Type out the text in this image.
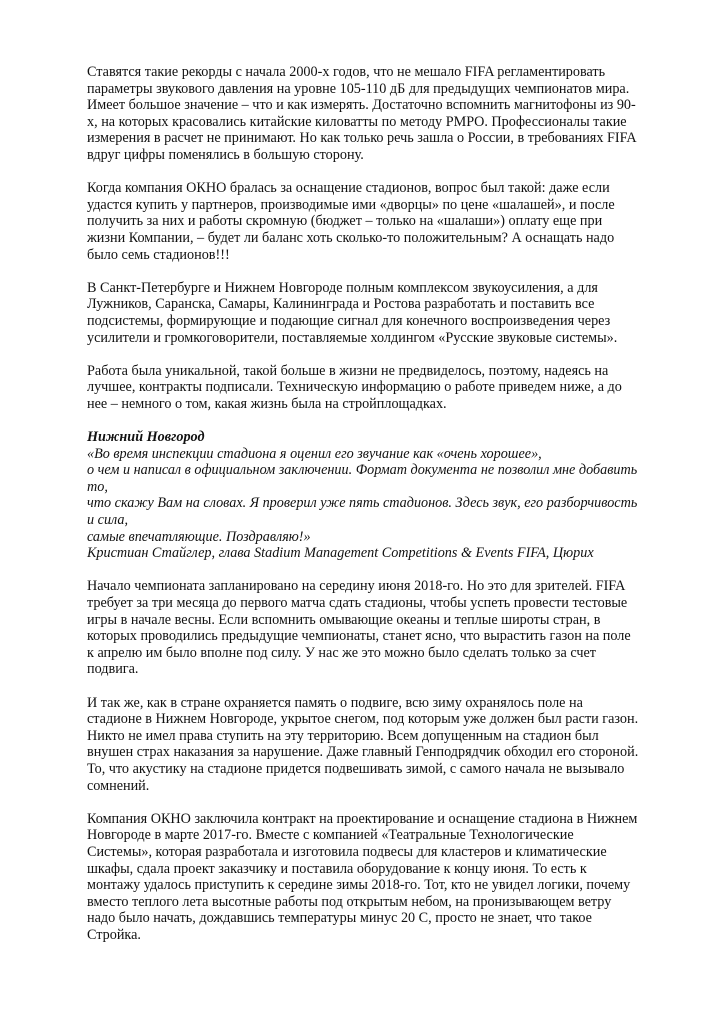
Ставятся такие рекорды с начала 2000-х годов, что не мешало FIFA регламентировать параметры звукового давления на уровне 105-110 дБ для предыдущих чемпионатов мира. Имеет большое значение – что и как измерять. Достаточно вспомнить магнитофоны из 90-х, на которых красовались китайские киловатты по методу PMPO. Профессионалы такие измерения в расчет не принимают. Но как только речь зашла о России, в требованиях FIFA вдруг цифры поменялись в большую сторону.

Когда компания ОКНО бралась за оснащение стадионов, вопрос был такой: даже если удастся купить у партнеров, производимые ими «дворцы» по цене «шалашей», и после получить за них и работы скромную (бюджет – только на «шалаши») оплату еще при жизни Компании, – будет ли баланс хоть сколько-то положительным? А оснащать надо было семь стадионов!!!

В Санкт-Петербурге и Нижнем Новгороде полным комплексом звукоусиления, а для Лужников, Саранска, Самары, Калининграда и Ростова разработать и поставить все подсистемы, формирующие и подающие сигнал для конечного воспроизведения через усилители и громкоговорители, поставляемые холдингом «Русские звуковые системы».

Работа была уникальной, такой больше в жизни не предвиделось, поэтому, надеясь на лучшее, контракты подписали. Техническую информацию о работе приведем ниже, а до нее – немного о том, какая жизнь была на стройплощадках.

Нижний Новгород

«Во время инспекции стадиона я оценил его звучание как «очень хорошее»,

о чем и написал в официальном заключении. Формат документа не позволил мне добавить то,

что скажу Вам на словах. Я проверил уже пять стадионов. Здесь звук, его разборчивость и сила,

самые впечатляющие. Поздравляю!»

Кристиан Стайглер, глава Stadium Management Competitions & Events FIFA, Цюрих

Начало чемпионата запланировано на середину июня 2018-го. Но это для зрителей. FIFA требует за три месяца до первого матча сдать стадионы, чтобы успеть провести тестовые игры в начале весны. Если вспомнить омывающие океаны и теплые широты стран, в которых проводились предыдущие чемпионаты, станет ясно, что вырастить газон на поле к апрелю им было вполне под силу. У нас же это можно было сделать только за счет подвига.

И так же, как в стране охраняется память о подвиге, всю зиму охранялось поле на стадионе в Нижнем Новгороде, укрытое снегом, под которым уже должен был расти газон. Никто не имел права ступить на эту территорию. Всем допущенным на стадион был внушен страх наказания за нарушение. Даже главный Генподрядчик обходил его стороной. То, что акустику на стадионе придется подвешивать зимой, с самого начала не вызывало сомнений.

Компания ОКНО заключила контракт на проектирование и оснащение стадиона в Нижнем Новгороде в марте 2017-го. Вместе с компанией «Театральные Технологические Системы», которая разработала и изготовила подвесы для кластеров и климатические шкафы, сдала проект заказчику и поставила оборудование к концу июня. То есть к монтажу удалось приступить к середине зимы 2018-го. Тот, кто не увидел логики, почему вместо теплого лета высотные работы под открытым небом, на пронизывающем ветру надо было начать, дождавшись температуры минус 20 С, просто не знает, что такое Стройка.
